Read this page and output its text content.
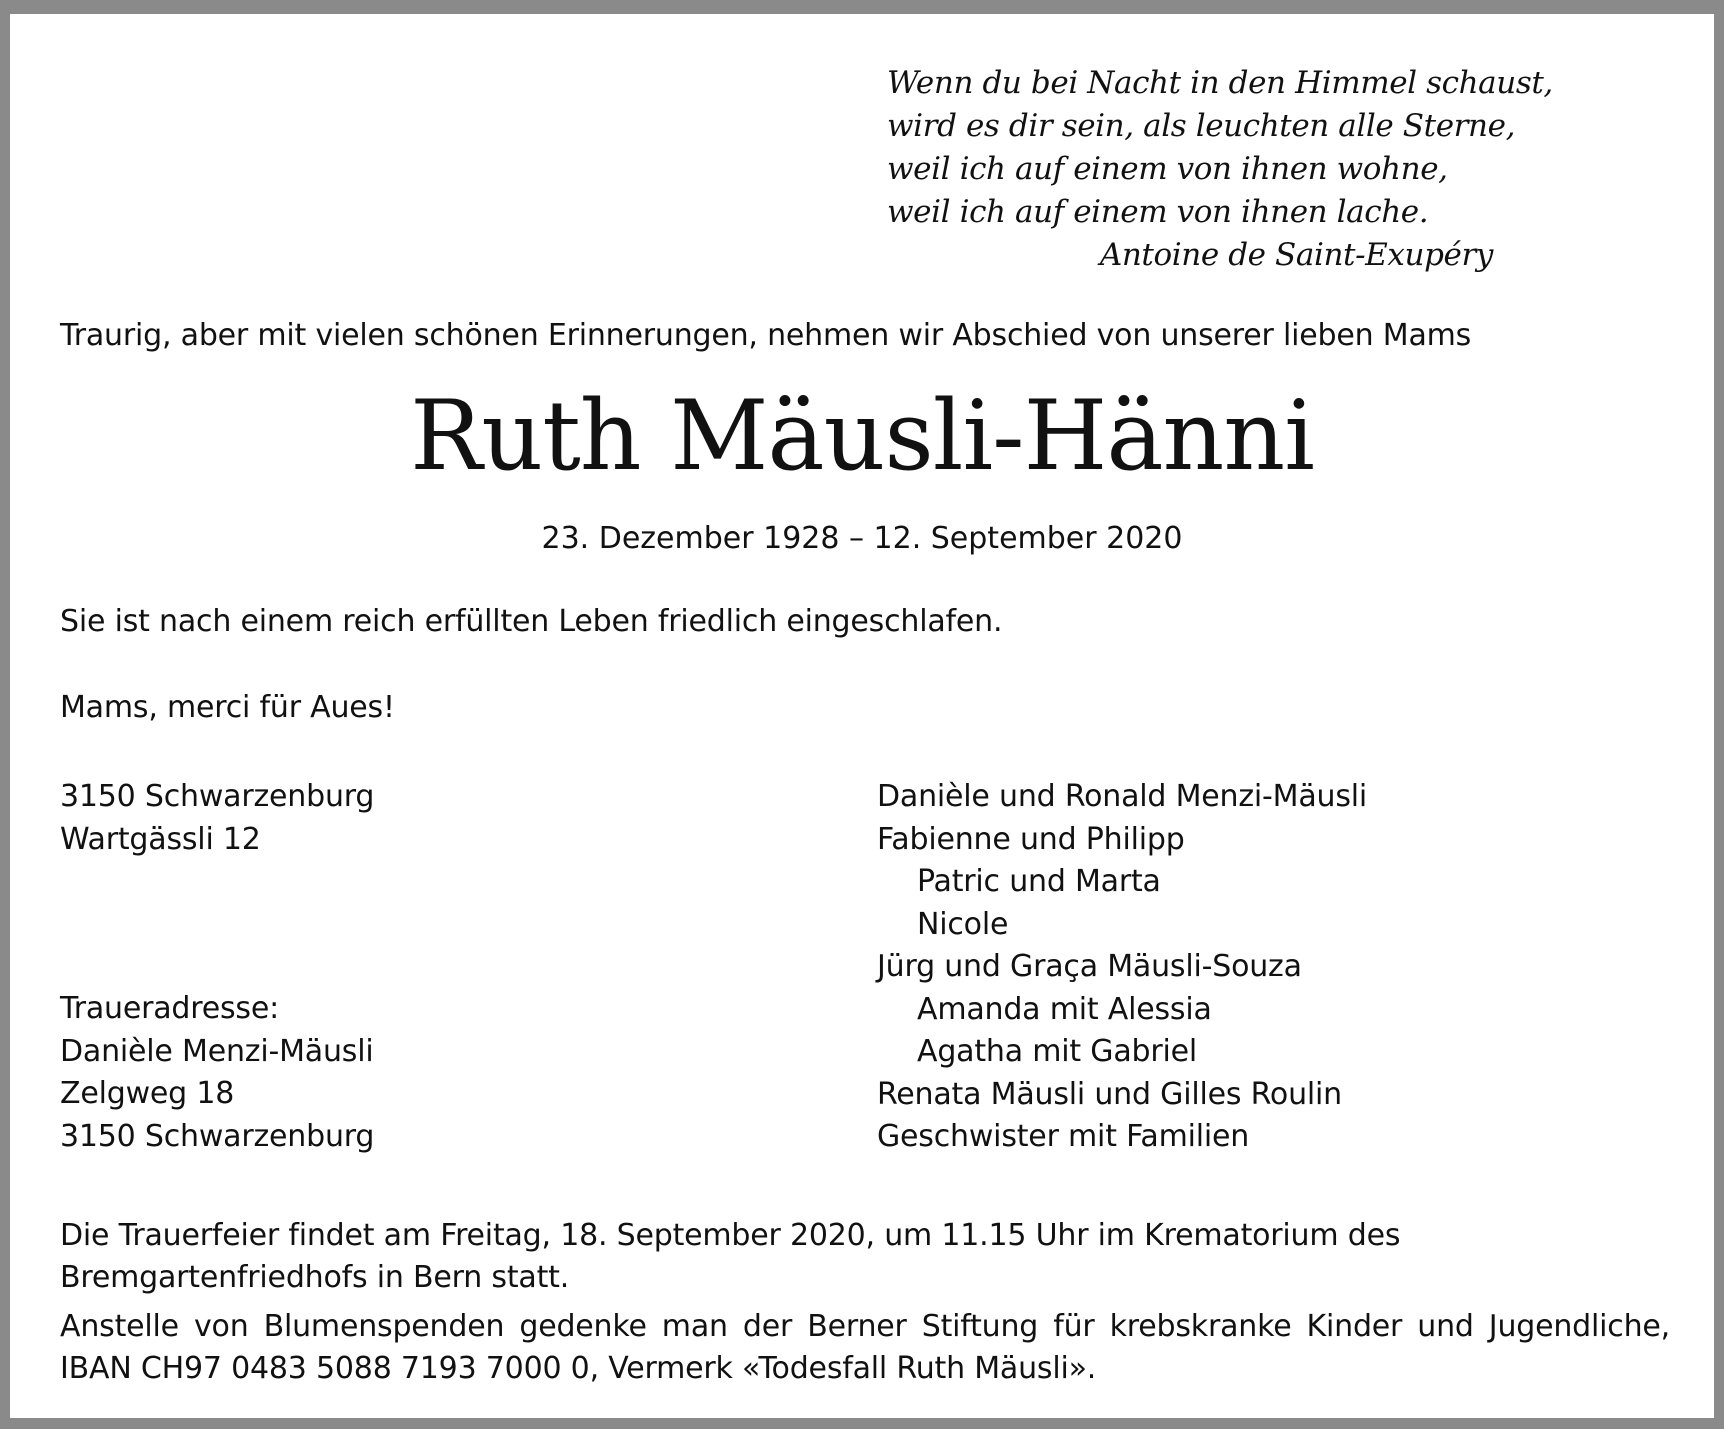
Wenn du bei Nacht in den Himmel schaust,
wird es dir sein, als leuchten alle Sterne,
weil ich auf einem von ihnen wohne,
weil ich auf einem von ihnen lache.
Antoine de Saint-Exupéry
Traurig, aber mit vielen schönen Erinnerungen, nehmen wir Abschied von unserer lieben Mams
Ruth Mäusli-Hänni
23. Dezember 1928 – 12. September 2020
Sie ist nach einem reich erfüllten Leben friedlich eingeschlafen.
Mams, merci für Aues!
3150 Schwarzenburg
Wartgässli 12
Traueradresse:
Danièle Menzi-Mäusli
Zelgweg 18
3150 Schwarzenburg
Danièle und Ronald Menzi-Mäusli
Fabienne und Philipp
Patric und Marta
Nicole
Jürg und Graça Mäusli-Souza
Amanda mit Alessia
Agatha mit Gabriel
Renata Mäusli und Gilles Roulin
Geschwister mit Familien
Die Trauerfeier findet am Freitag, 18. September 2020, um 11.15 Uhr im Krematorium des Bremgartenfriedhofs in Bern statt.
Anstelle von Blumenspenden gedenke man der Berner Stiftung für krebskranke Kinder und Jugendliche, IBAN CH97 0483 5088 7193 7000 0, Vermerk «Todesfall Ruth Mäusli».
